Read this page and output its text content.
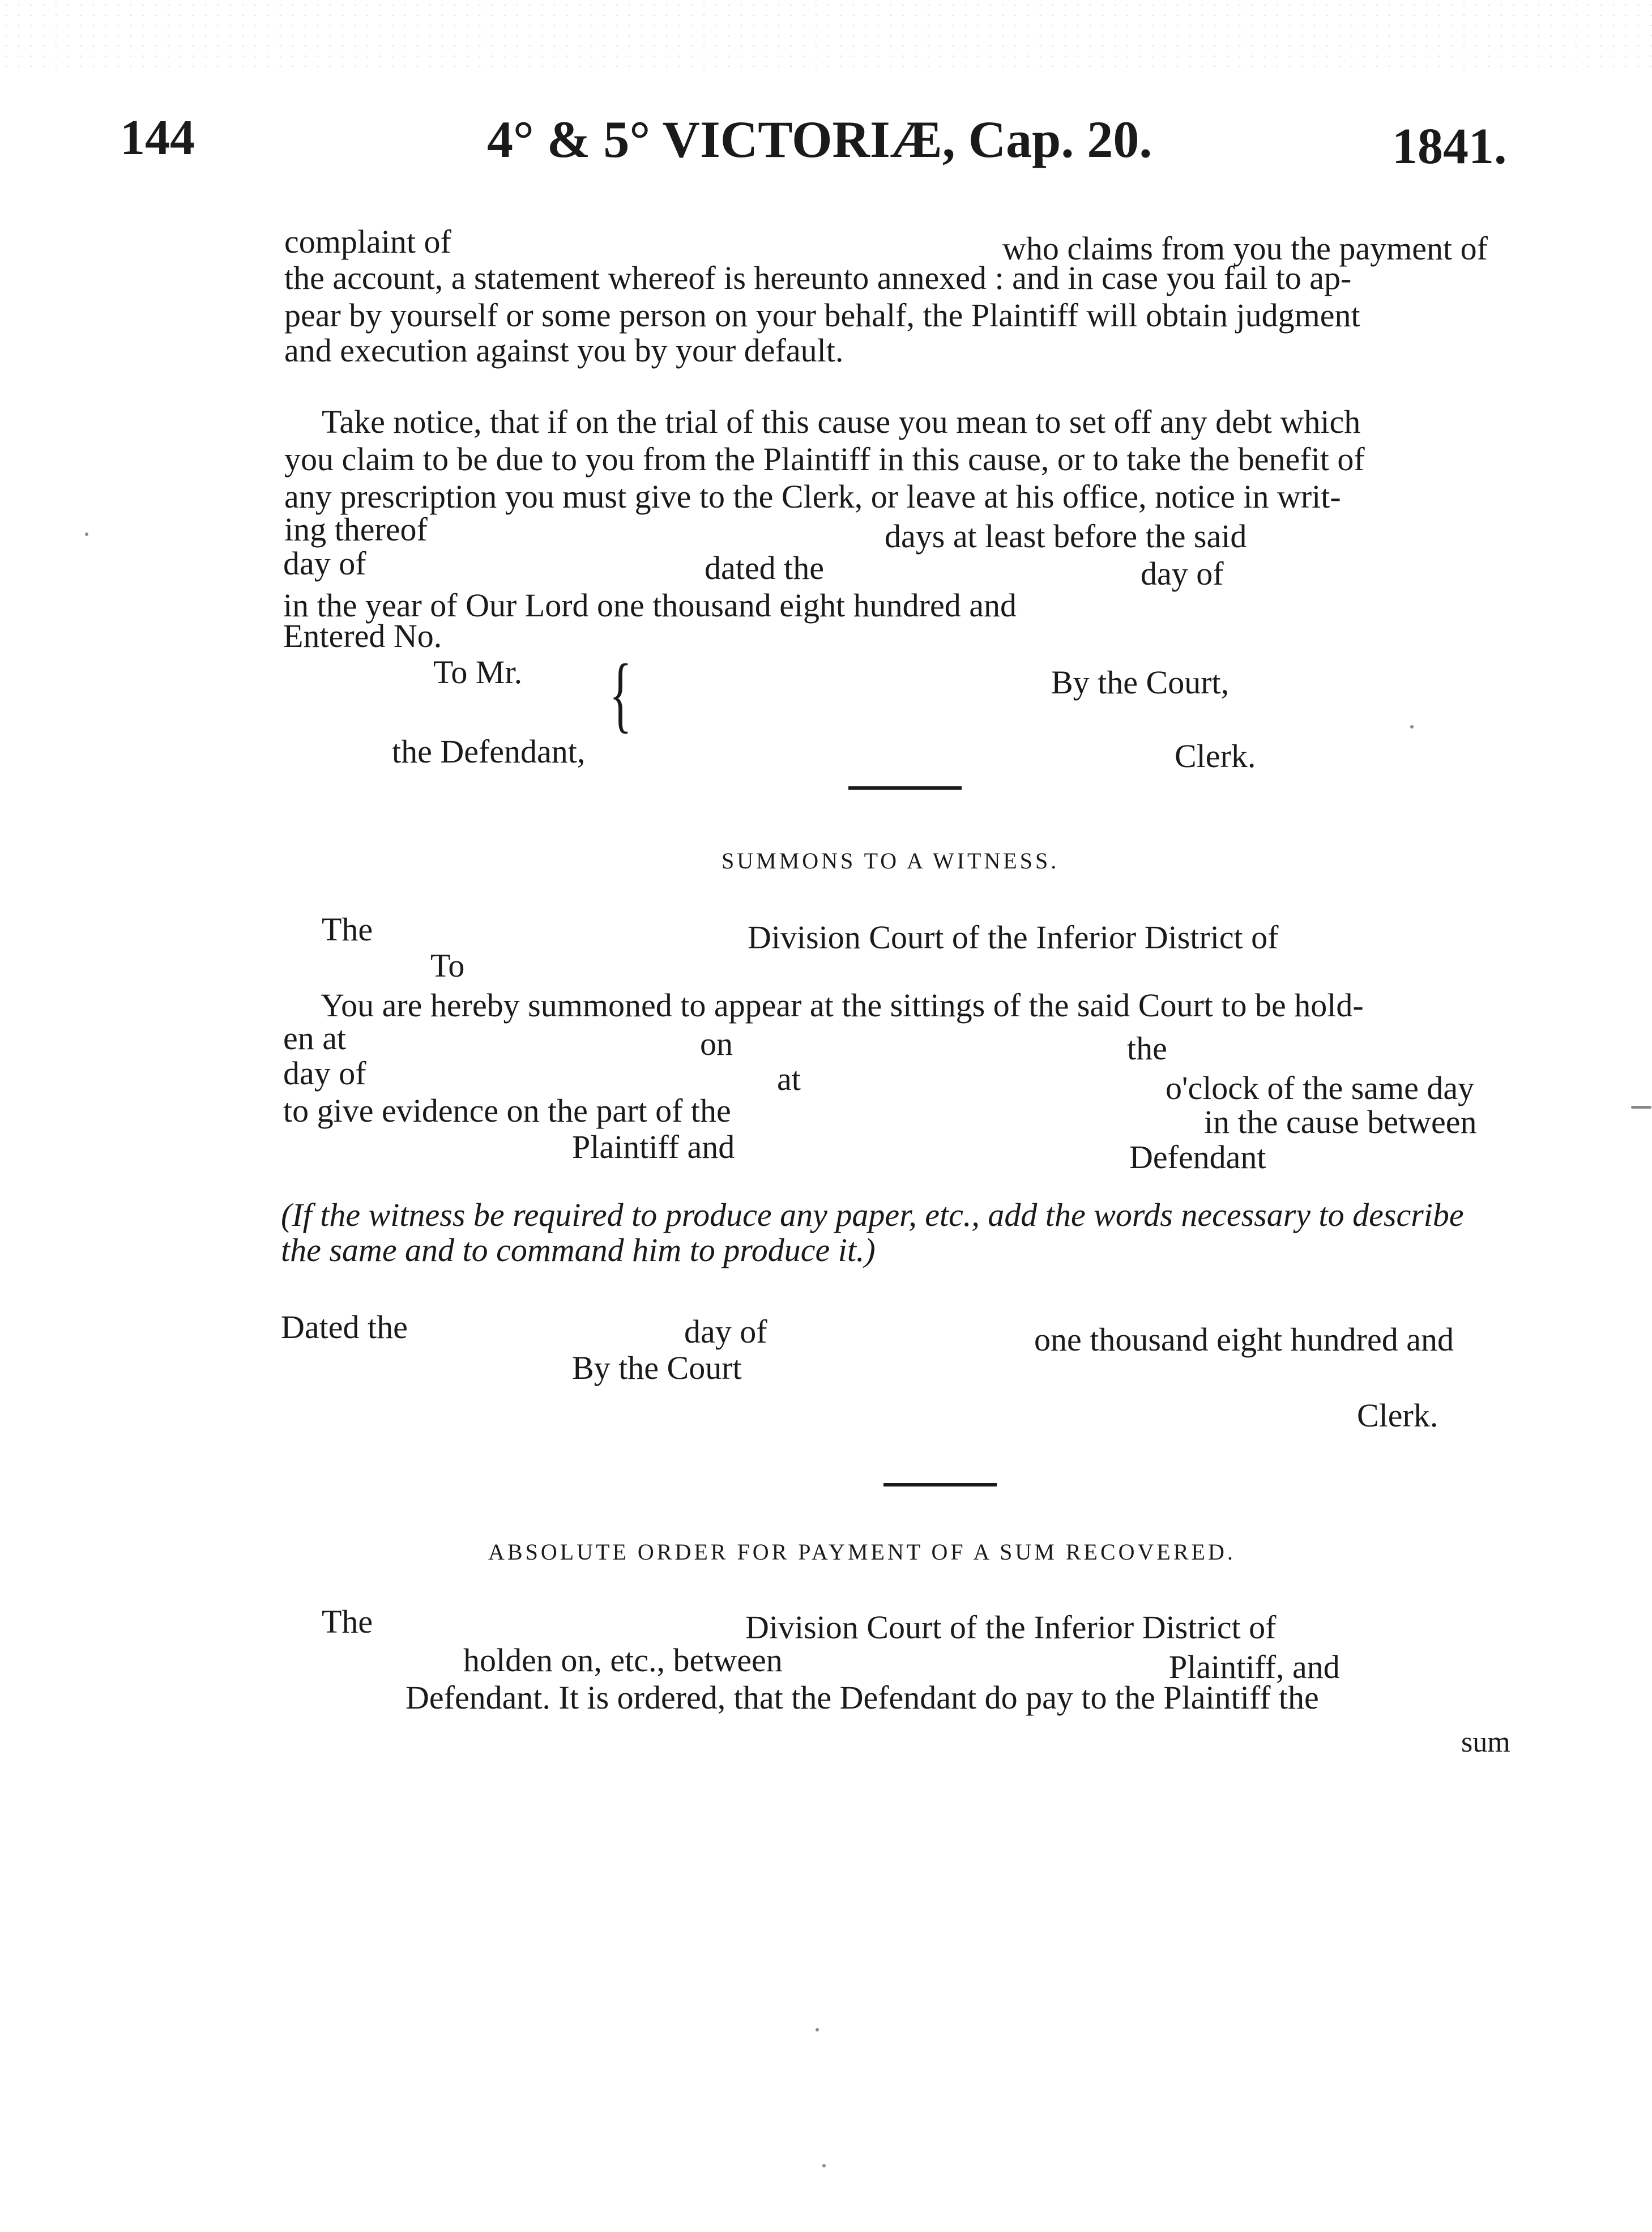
144	4° & 5° VICTORIÆ, Cap. 20.	1841.
complaint of	who claims from you the payment of
the account, a statement whereof is hereunto annexed : and in case you fail to ap-
pear by yourself or some person on your behalf, the Plaintiff will obtain judgment
and execution against you by your default.
Take notice, that if on the trial of this cause you mean to set off any debt which
you claim to be due to you from the Plaintiff in this cause, or to take the benefit of
any prescription you must give to the Clerk, or leave at his office, notice in writ-
ing thereof	days at least before the said
day of	dated the	day of
in the year of Our Lord one thousand eight hundred and
Entered No.
To Mr. {
the Defendant,
By the Court,
Clerk.
SUMMONS TO A WITNESS.
The	Division Court of the Inferior District of
To
You are hereby summoned to appear at the sittings of the said Court to be hold-
en at	on	the
day of	at	o'clock of the same day
to give evidence on the part of the	in the cause between
Plaintiff and	Defendant
(If the witness be required to produce any paper, etc., add the words necessary to describe
the same and to command him to produce it.)
Dated the	day of	one thousand eight hundred and
By the Court
Clerk.
ABSOLUTE ORDER FOR PAYMENT OF A SUM RECOVERED.
The	Division Court of the Inferior District of
holden on, etc., between	Plaintiff, and
Defendant. It is ordered, that the Defendant do pay to the Plaintiff the
sum
